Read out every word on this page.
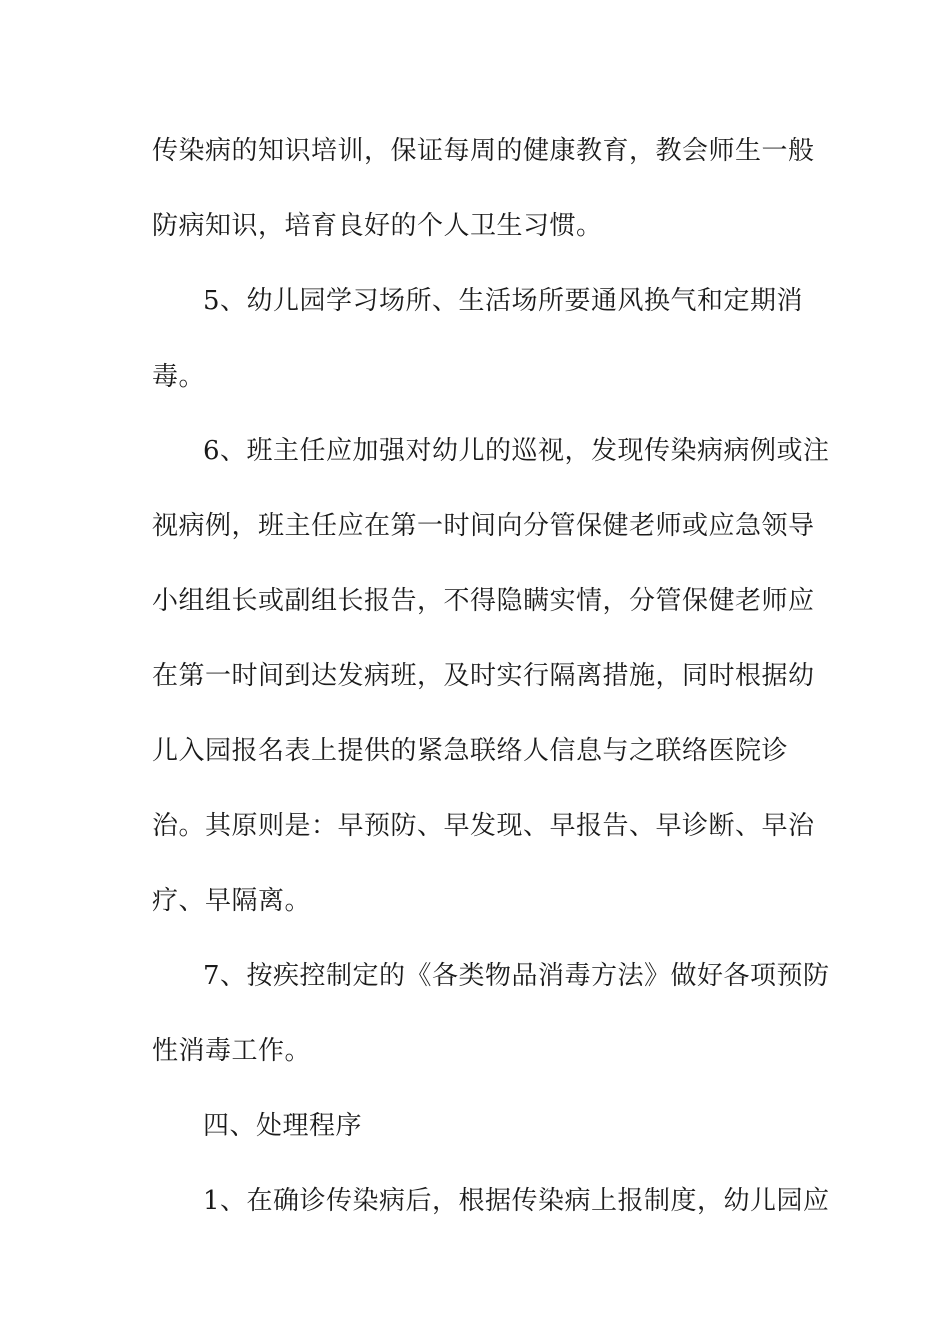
传染病的知识培训，保证每周的健康教育，教会师生一般

防病知识，培育良好的个人卫生习惯。

5、幼儿园学习场所、生活场所要通风换气和定期消

毒。

6、班主任应加强对幼儿的巡视，发现传染病病例或注

视病例，班主任应在第一时间向分管保健老师或应急领导

小组组长或副组长报告，不得隐瞒实情，分管保健老师应

在第一时间到达发病班，及时实行隔离措施，同时根据幼

儿入园报名表上提供的紧急联络人信息与之联络医院诊

治。其原则是：早预防、早发现、早报告、早诊断、早治

疗、早隔离。

7、按疾控制定的《各类物品消毒方法》做好各项预防

性消毒工作。

四、处理程序

1、在确诊传染病后，根据传染病上报制度，幼儿园应
